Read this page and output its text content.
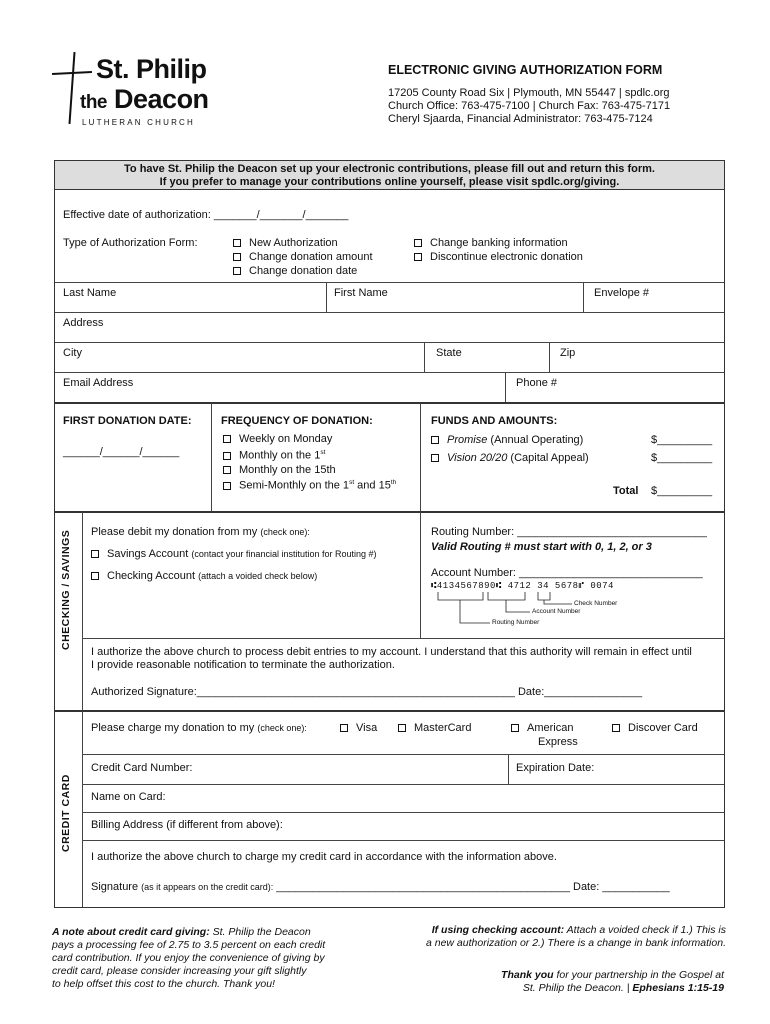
St. Philip
the Deacon
LUTHERAN CHURCH
ELECTRONIC GIVING AUTHORIZATION FORM
17205 County Road Six | Plymouth, MN 55447 | spdlc.org
Church Office: 763-475-7100 | Church Fax: 763-475-7171
Cheryl Sjaarda, Financial Administrator: 763-475-7124
To have St. Philip the Deacon set up your electronic contributions, please fill out and return this form.
If you prefer to manage your contributions online yourself, please visit spdlc.org/giving.
Effective date of authorization: _______/_______/_______
Type of Authorization Form:	New Authorization
Change donation amount
Change donation date
Change banking information
Discontinue electronic donation
Last Name	First Name	Envelope #
Address
City	State	Zip
Email Address	Phone #
FIRST DONATION DATE:
______/______/______
FREQUENCY OF DONATION:
Weekly on Monday
Monthly on the 1st
Monthly on the 15th
Semi-Monthly on the 1st and 15th
FUNDS AND AMOUNTS:
Promise (Annual Operating)	$_________
Vision 20/20 (Capital Appeal)	$_________
Total $_________
CHECKING / SAVINGS Please debit my donation from my (check one):
Savings Account (contact your financial institution for Routing #)
Checking Account (attach a voided check below)
Routing Number: _______________________________
Valid Routing # must start with 0, 1, 2, or 3
Account Number: ______________________________
⑆4134567890⑆ 4712 34 5678⑈ 0074
Check Number
Account Number
Routing Number
I authorize the above church to process debit entries to my account. I understand that this authority will remain in effect until
I provide reasonable notification to terminate the authorization.
Authorized Signature:____________________________________________________ Date:________________
CREDIT CARD
Please charge my donation to my (check one):	Visa	MasterCard	American
Express
Discover Card
Credit Card Number:	Expiration Date:
Name on Card:
Billing Address (if different from above):
I authorize the above church to charge my credit card in accordance with the information above.
Signature (as it appears on the credit card): ________________________________________________ Date: ___________
A note about credit card giving: St. Philip the Deacon
pays a processing fee of 2.75 to 3.5 percent on each credit
card contribution. If you enjoy the convenience of giving by
credit card, please consider increasing your gift slightly
to help offset this cost to the church. Thank you!
If using checking account: Attach a voided check if 1.) This is
a new authorization or 2.) There is a change in bank information.
Thank you for your partnership in the Gospel at
St. Philip the Deacon. | Ephesians 1:15-19
